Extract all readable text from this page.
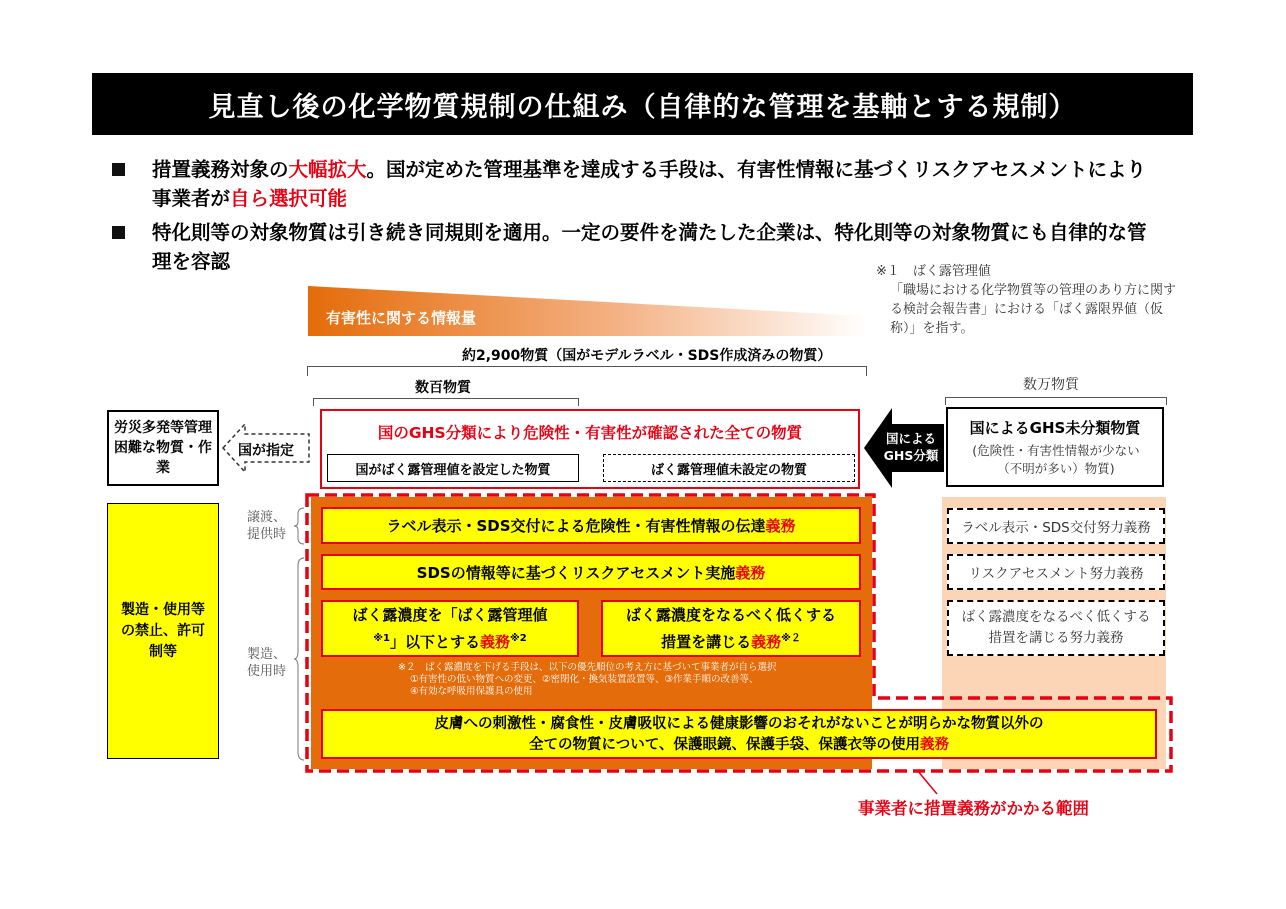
見直し後の化学物質規制の仕組み（自律的な管理を基軸とする規制）
措置義務対象の大幅拡大。国が定めた管理基準を達成する手段は、有害性情報に基づくリスクアセスメントにより事業者が自ら選択可能
特化則等の対象物質は引き続き同規則を適用。一定の要件を満たした企業は、特化則等の対象物質にも自律的な管理を容認	※１　ばく露管理値
「職場における化学物質等の管理のあり方に関する検討会報告書」における「ばく露限界値（仮称）」を指す。
有害性に関する情報量
約2,900物質（国がモデルラベル・SDS作成済みの物質）
数百物質	数万物質
労災多発等管理困難な物質・作業
国が指定
国のGHS分類により危険性・有害性が確認された全ての物質
国がばく露管理値を設定した物質	ばく露管理値未設定の物質
国によるGHS分類
国によるGHS未分類物質
(危険性・有害性情報が少ない（不明が多い）物質)
製造・使用等の禁止、許可制等
譲渡、提供時
製造、使用時
ラベル表示・SDS交付による危険性・有害性情報の伝達 義務
SDSの情報等に基づくリスクアセスメント実施 義務
ばく露濃度を「ばく露管理値
$^{※1}$」以下とする義務$^{※2}$
ばく露濃度をなるべく低くする
措置を講じる義務$^{※2}$
※２　ばく露濃度を下げる手段は、以下の優先順位の考え方に基づいて事業者が自ら選択
①有害性の低い物質への変更、②密閉化・換気装置設置等、③作業手順の改善等、
④有効な呼吸用保護具の使用
皮膚への刺激性・腐食性・皮膚吸収による健康影響のおそれがないことが明らかな物質以外の
全ての物質について、保護眼鏡、保護手袋、保護衣等の使用義務
ラベル表示・SDS交付努力義務
リスクアセスメント努力義務
ばく露濃度をなるべく低くする措置を講じる努力義務
事業者に措置義務がかかる範囲
